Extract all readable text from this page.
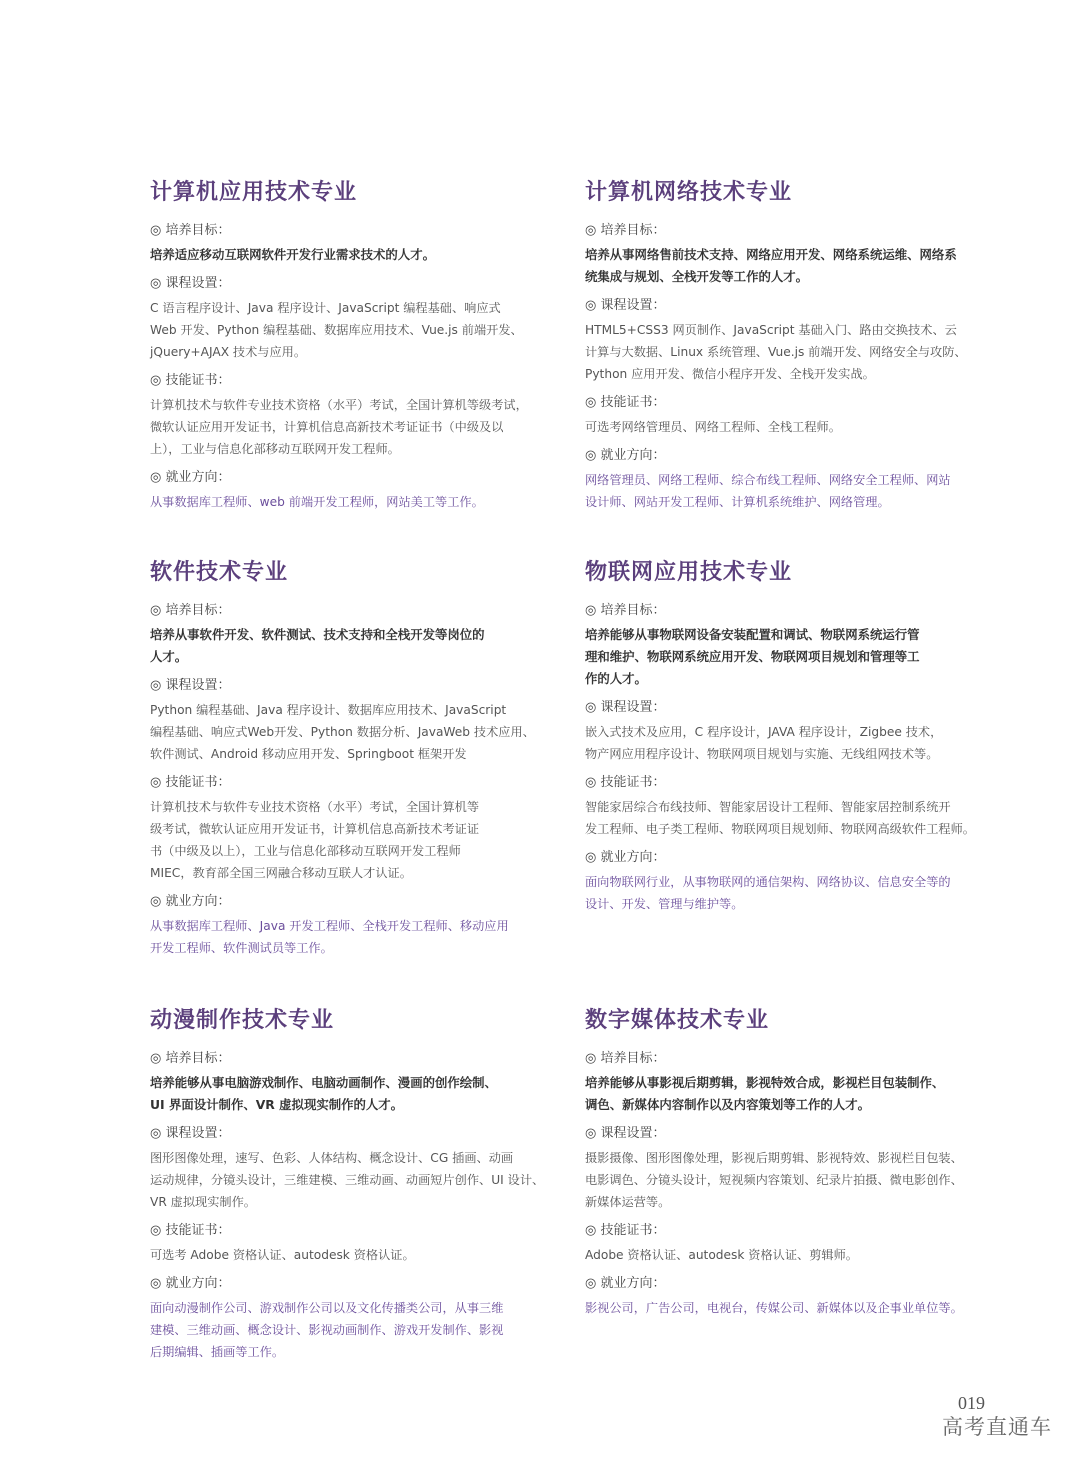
计算机应用技术专业
◎ 培养目标：
培养适应移动互联网软件开发行业需求技术的人才。
◎ 课程设置：
C 语言程序设计、Java 程序设计、JavaScript 编程基础、响应式
Web 开发、Python 编程基础、数据库应用技术、Vue.js 前端开发、
jQuery+AJAX 技术与应用。
◎ 技能证书：
计算机技术与软件专业技术资格（水平）考试，全国计算机等级考试，
微软认证应用开发证书，计算机信息高新技术考证证书（中级及以
上），工业与信息化部移动互联网开发工程师。
◎ 就业方向：
从事数据库工程师、web 前端开发工程师，网站美工等工作。
计算机网络技术专业
◎ 培养目标：
培养从事网络售前技术支持、网络应用开发、网络系统运维、网络系
统集成与规划、全栈开发等工作的人才。
◎ 课程设置：
HTML5+CSS3 网页制作、JavaScript 基础入门、路由交换技术、云
计算与大数据、Linux 系统管理、Vue.js 前端开发、网络安全与攻防、
Python 应用开发、微信小程序开发、全栈开发实战。
◎ 技能证书：
可选考网络管理员、网络工程师、全栈工程师。
◎ 就业方向：
网络管理员、网络工程师、综合布线工程师、网络安全工程师、网站
设计师、网站开发工程师、计算机系统维护、网络管理。
软件技术专业
◎ 培养目标：
培养从事软件开发、软件测试、技术支持和全栈开发等岗位的
人才。
◎ 课程设置：
Python 编程基础、Java 程序设计、数据库应用技术、JavaScript
编程基础、响应式Web开发、Python 数据分析、JavaWeb 技术应用、
软件测试、Android 移动应用开发、Springboot 框架开发
◎ 技能证书：
计算机技术与软件专业技术资格（水平）考试，全国计算机等
级考试，微软认证应用开发证书，计算机信息高新技术考证证
书（中级及以上），工业与信息化部移动互联网开发工程师
MIEC，教育部全国三网融合移动互联人才认证。
◎ 就业方向：
从事数据库工程师、Java 开发工程师、全栈开发工程师、移动应用
开发工程师、软件测试员等工作。
物联网应用技术专业
◎ 培养目标：
培养能够从事物联网设备安装配置和调试、物联网系统运行管
理和维护、物联网系统应用开发、物联网项目规划和管理等工
作的人才。
◎ 课程设置：
嵌入式技术及应用，C 程序设计，JAVA 程序设计，Zigbee 技术，
物产网应用程序设计、物联网项目规划与实施、无线组网技术等。
◎ 技能证书：
智能家居综合布线技师、智能家居设计工程师、智能家居控制系统开
发工程师、电子类工程师、物联网项目规划师、物联网高级软件工程师。
◎ 就业方向：
面向物联网行业，从事物联网的通信架构、网络协议、信息安全等的
设计、开发、管理与维护等。
动漫制作技术专业
◎ 培养目标：
培养能够从事电脑游戏制作、电脑动画制作、漫画的创作绘制、
UI 界面设计制作、VR 虚拟现实制作的人才。
◎ 课程设置：
图形图像处理，速写、色彩、人体结构、概念设计、CG 插画、动画
运动规律，分镜头设计，三维建模、三维动画、动画短片创作、UI 设计、
VR 虚拟现实制作。
◎ 技能证书：
可选考 Adobe 资格认证、autodesk 资格认证。
◎ 就业方向：
面向动漫制作公司、游戏制作公司以及文化传播类公司，从事三维
建模、三维动画、概念设计、影视动画制作、游戏开发制作、影视
后期编辑、插画等工作。
数字媒体技术专业
◎ 培养目标：
培养能够从事影视后期剪辑，影视特效合成，影视栏目包装制作、
调色、新媒体内容制作以及内容策划等工作的人才。
◎ 课程设置：
摄影摄像、图形图像处理，影视后期剪辑、影视特效、影视栏目包装、
电影调色、分镜头设计，短视频内容策划、纪录片拍摄、微电影创作、
新媒体运营等。
◎ 技能证书：
Adobe 资格认证、autodesk 资格认证、剪辑师。
◎ 就业方向：
影视公司，广告公司，电视台，传媒公司、新媒体以及企事业单位等。
019
高考直通车
